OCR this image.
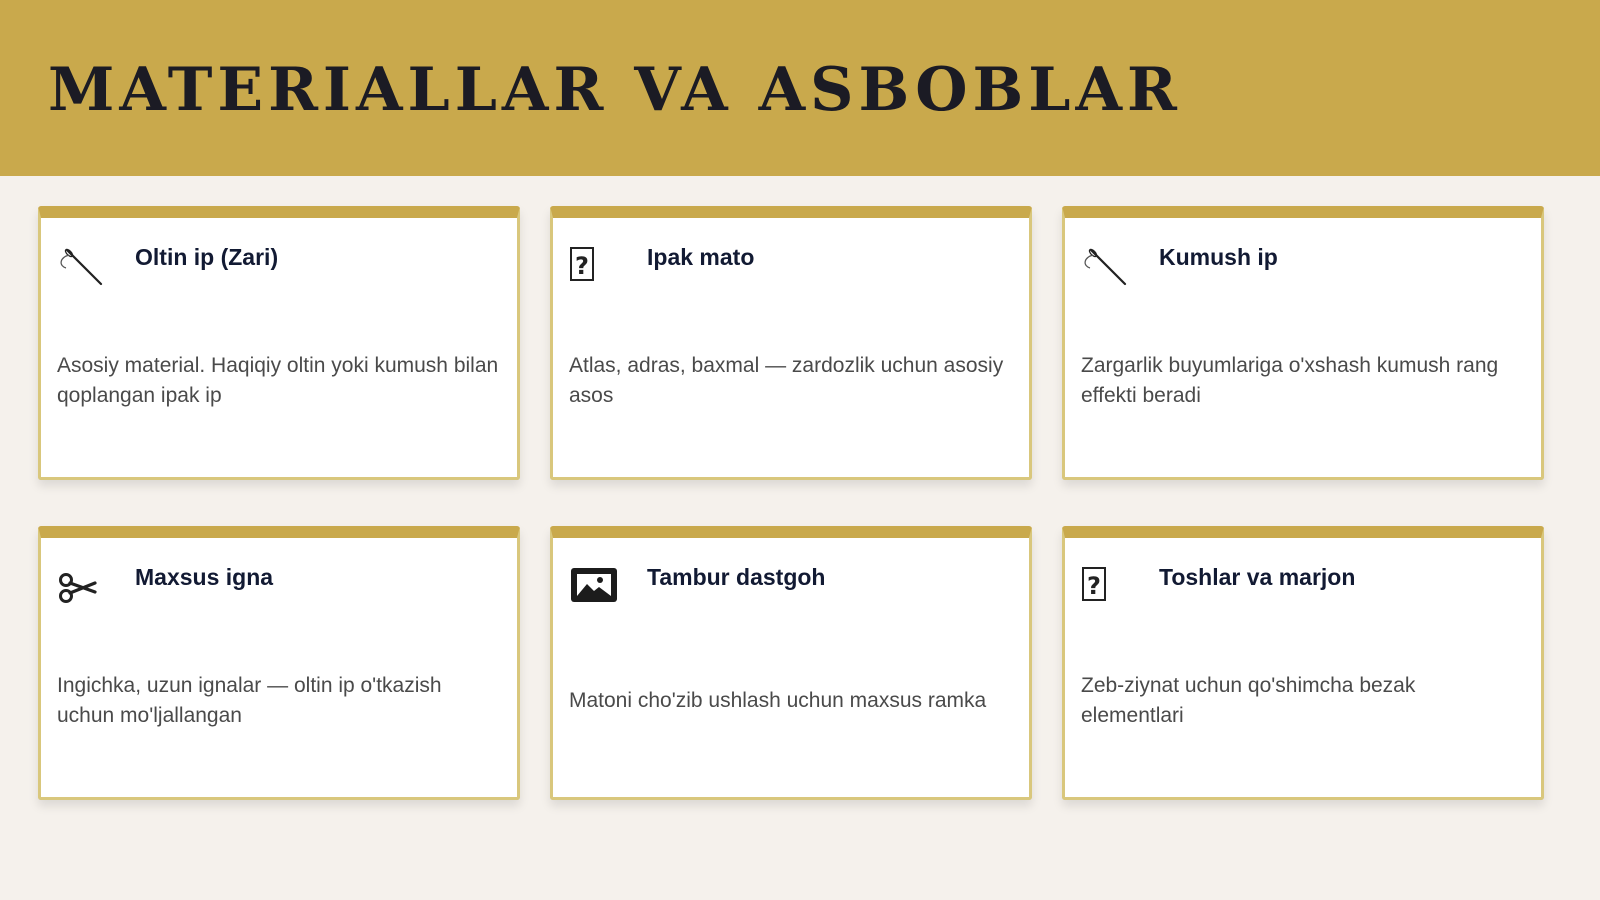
MATERIALLAR VA ASBOBLAR
Oltin ip (Zari)
Asosiy material. Haqiqiy oltin yoki kumush bilan qoplangan ipak ip
?	Ipak mato
Atlas, adras, baxmal — zardozlik uchun asosiy asos
Kumush ip
Zargarlik buyumlariga o'xshash kumush rang effekti beradi
Maxsus igna
Ingichka, uzun ignalar — oltin ip o'tkazish uchun mo'ljallangan
Tambur dastgoh
Matoni cho'zib ushlash uchun maxsus ramka
?	Toshlar va marjon
Zeb-ziynat uchun qo'shimcha bezak elementlari
